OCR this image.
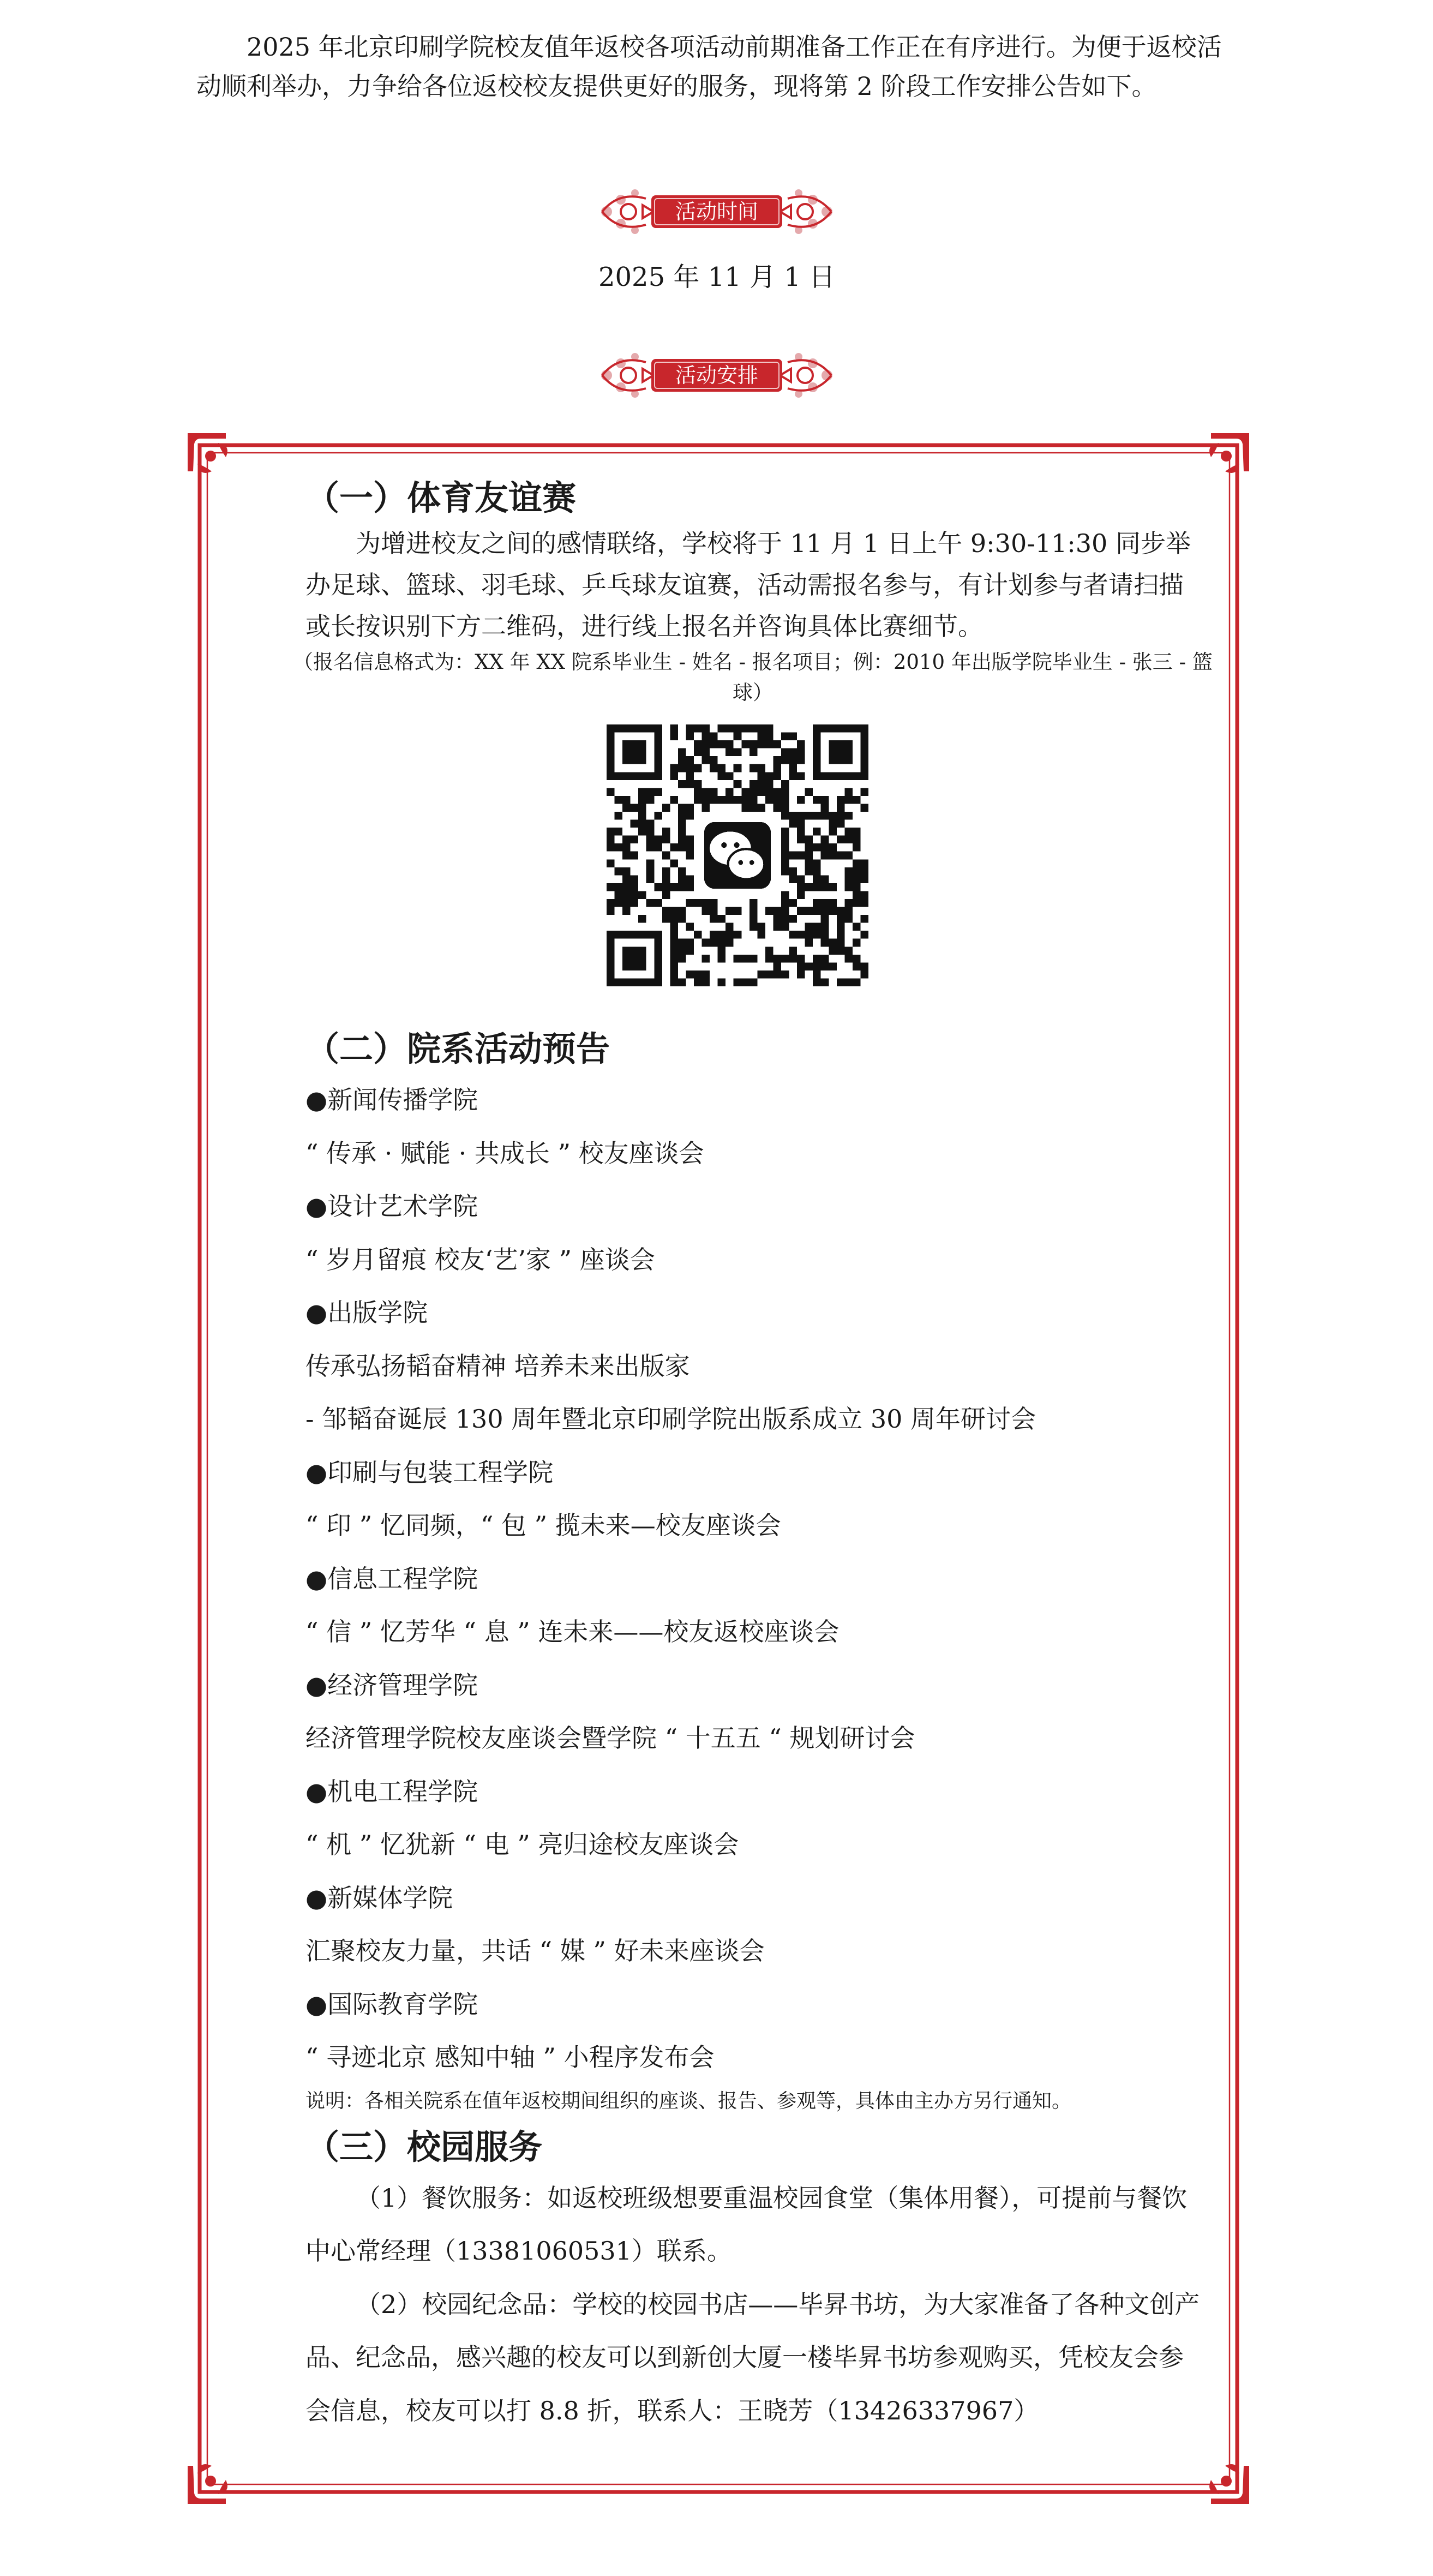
2025 年北京印刷学院校友值年返校各项活动前期准备工作正在有序进行。为便于返校活动顺利举办，力争给各位返校校友提供更好的服务，现将第 2 阶段工作安排公告如下。

活动时间
2025 年 11 月 1 日
活动安排
（一）体育友谊赛

为增进校友之间的感情联络，学校将于 11 月 1 日上午 9:30-11:30 同步举办足球、篮球、羽毛球、乒乓球友谊赛，活动需报名参与，有计划参与者请扫描或长按识别下方二维码，进行线上报名并咨询具体比赛细节。

（报名信息格式为：XX 年 XX 院系毕业生 - 姓名 - 报名项目；例：2010 年出版学院毕业生 - 张三 - 篮球）

（二）院系活动预告
●新闻传播学院
“ 传承 · 赋能 · 共成长 ” 校友座谈会
●设计艺术学院
“ 岁月留痕 校友‘艺’家 ” 座谈会
●出版学院
传承弘扬韬奋精神 培养未来出版家
- 邹韬奋诞辰 130 周年暨北京印刷学院出版系成立 30 周年研讨会
●印刷与包装工程学院
“ 印 ” 忆同频，“ 包 ” 揽未来—校友座谈会
●信息工程学院
“ 信 ” 忆芳华 “ 息 ” 连未来——校友返校座谈会
●经济管理学院
经济管理学院校友座谈会暨学院 “ 十五五 “ 规划研讨会
●机电工程学院
“ 机 ” 忆犹新 “ 电 ” 亮归途校友座谈会
●新媒体学院
汇聚校友力量，共话 “ 媒 ” 好未来座谈会
●国际教育学院
“ 寻迹北京 感知中轴 ” 小程序发布会

说明：各相关院系在值年返校期间组织的座谈、报告、参观等，具体由主办方另行通知。

（三）校园服务

（1）餐饮服务：如返校班级想要重温校园食堂（集体用餐），可提前与餐饮中心常经理（13381060531）联系。

（2）校园纪念品：学校的校园书店——毕昇书坊，为大家准备了各种文创产品、纪念品，感兴趣的校友可以到新创大厦一楼毕昇书坊参观购买，凭校友会参会信息，校友可以打 8.8 折，联系人：王晓芳（13426337967）
